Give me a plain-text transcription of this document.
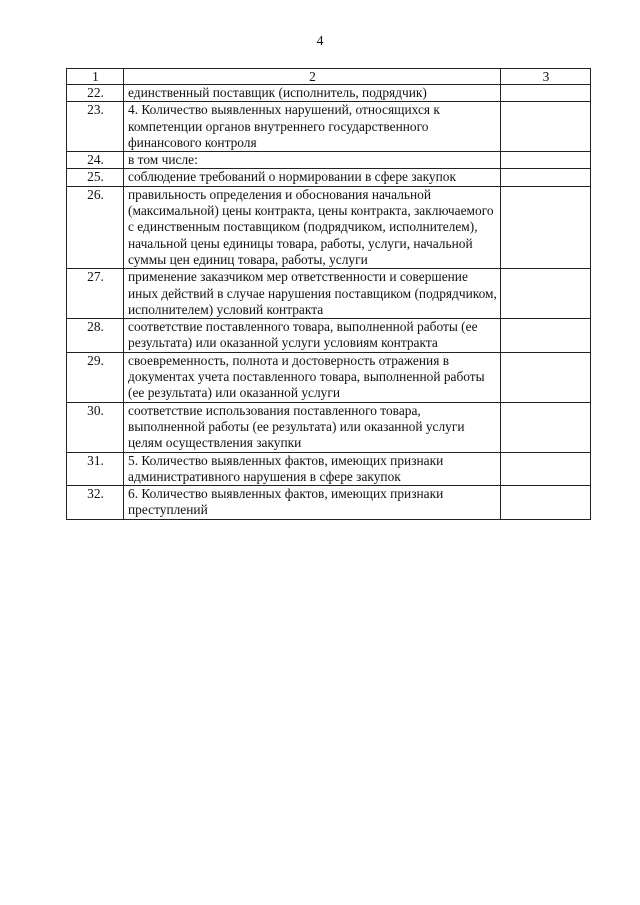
4
1	2	3
22.	единственный поставщик (исполнитель, подрядчик)	
23.	4. Количество выявленных нарушений, относящихся к компетенции органов внутреннего государственного финансового контроля	
24.	в том числе:	
25.	соблюдение требований о нормировании в сфере закупок	
26.	правильность определения и обоснования начальной (максимальной) цены контракта, цены контракта, заключаемого с единственным поставщиком (подрядчиком, исполнителем), начальной цены единицы товара, работы, услуги, начальной суммы цен единиц товара, работы, услуги	
27.	применение заказчиком мер ответственности и совершение иных действий в случае нарушения поставщиком (подрядчиком, исполнителем) условий контракта	
28.	соответствие поставленного товара, выполненной работы (ее результата) или оказанной услуги условиям контракта	
29.	своевременность, полнота и достоверность отражения в документах учета поставленного товара, выполненной работы (ее результата) или оказанной услуги	
30.	соответствие использования поставленного товара, выполненной работы (ее результата) или оказанной услуги целям осуществления закупки	
31.	5. Количество выявленных фактов, имеющих признаки административного нарушения в сфере закупок	
32.	6. Количество выявленных фактов, имеющих признаки преступлений	
